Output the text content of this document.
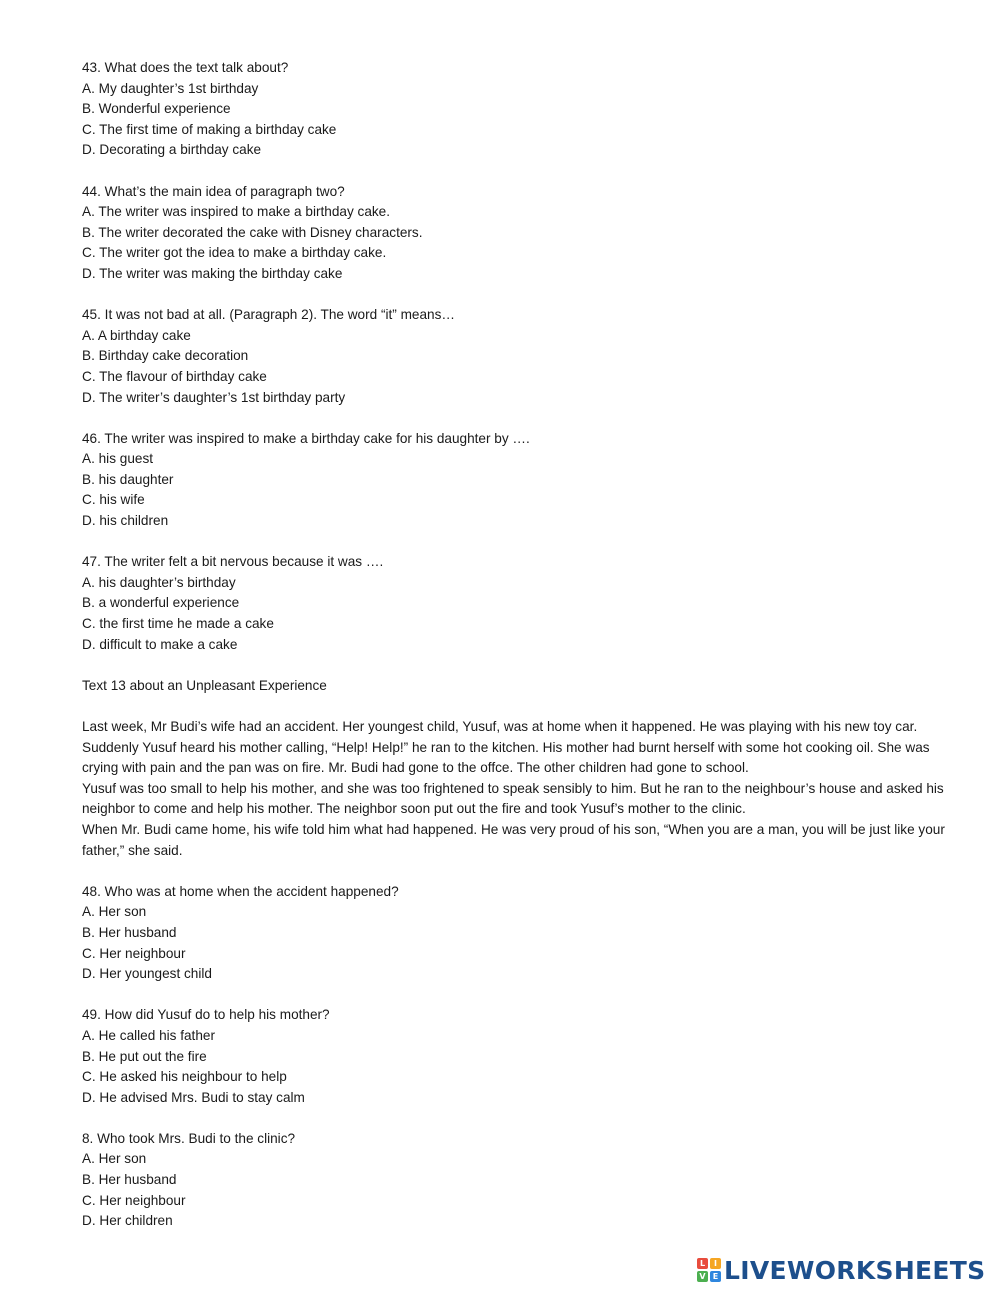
43. What does the text talk about?
A. My daughter’s 1st birthday
B. Wonderful experience
C. The first time of making a birthday cake
D. Decorating a birthday cake
44. What’s the main idea of paragraph two?
A. The writer was inspired to make a birthday cake.
B. The writer decorated the cake with Disney characters.
C. The writer got the idea to make a birthday cake.
D. The writer was making the birthday cake
45. It was not bad at all. (Paragraph 2). The word “it” means…
A. A birthday cake
B. Birthday cake decoration
C. The flavour of birthday cake
D. The writer’s daughter’s 1st birthday party
46. The writer was inspired to make a birthday cake for his daughter by ….
A. his guest
B. his daughter
C. his wife
D. his children
47. The writer felt a bit nervous because it was ….
A. his daughter’s birthday
B. a wonderful experience
C. the first time he made a cake
D. difficult to make a cake
Text 13 about an Unpleasant Experience
Last week, Mr Budi’s wife had an accident. Her youngest child, Yusuf, was at home when it happened. He was playing with his new toy car. Suddenly Yusuf heard his mother calling, “Help! Help!” he ran to the kitchen. His mother had burnt herself with some hot cooking oil. She was crying with pain and the pan was on fire. Mr. Budi had gone to the offce. The other children had gone to school.
Yusuf was too small to help his mother, and she was too frightened to speak sensibly to him. But he ran to the neighbour’s house and asked his neighbor to come and help his mother. The neighbor soon put out the fire and took Yusuf’s mother to the clinic.
When Mr. Budi came home, his wife told him what had happened. He was very proud of his son, “When you are a man, you will be just like your father,” she said.
48. Who was at home when the accident happened?
A. Her son
B. Her husband
C. Her neighbour
D. Her youngest child
49. How did Yusuf do to help his mother?
A. He called his father
B. He put out the fire
C. He asked his neighbour to help
D. He advised Mrs. Budi to stay calm
8. Who took Mrs. Budi to the clinic?
A. Her son
B. Her husband
C. Her neighbour
D. Her children
L	I
V E LIVEWORKSHEETS
